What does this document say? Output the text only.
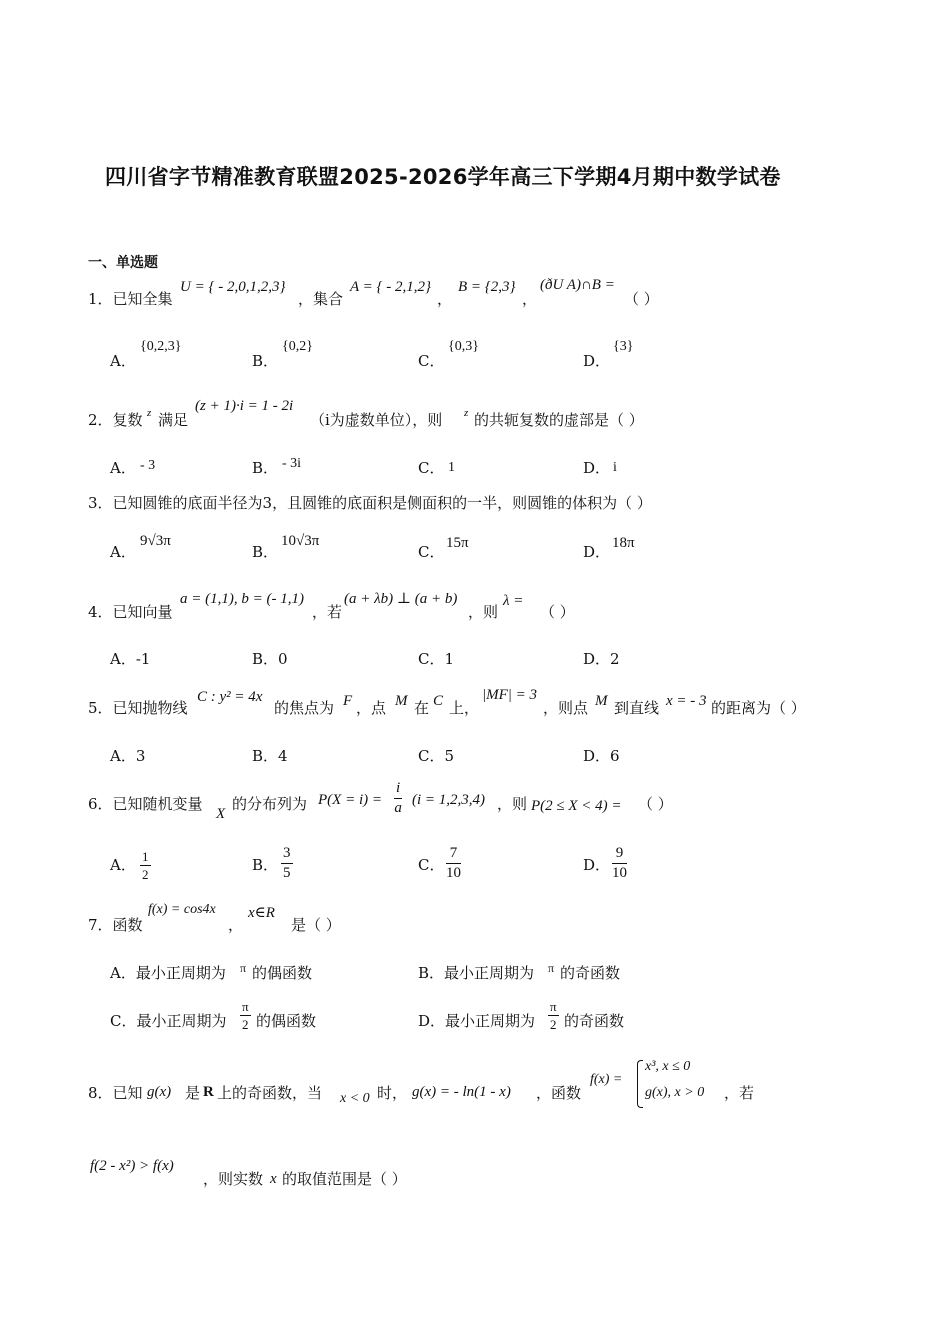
四川省字节精准教育联盟2025-2026学年高三下学期4月期中数学试卷
一、单选题
1．已知全集
U = { - 2,0,1,2,3}
，集合
A = { - 2,1,2}
，
B = {2,3}
，
(ðU A)∩B =
（ ）
A．
{0,2,3}
B．
{0,2}
C．
{0,3}
D．
{3}
2．复数 z 满足
(z + 1)·i = 1 - 2i
（i为虚数单位），则 z 的共轭复数的虚部是（ ）
A． - 3	B． - 3i	C． 1	D． i
3．已知圆锥的底面半径为3，且圆锥的底面积是侧面积的一半，则圆锥的体积为（ ）
A．
9√3π
B．
10√3π
C． 15π	D． 18π
4．已知向量
a = (1,1), b = (- 1,1)
，若
(a + λb) ⊥ (a + b)
，则
λ =
（ ）
A．-1	B．0	C．1	D．2
5．已知抛物线
C : y² = 4x
的焦点为 F ，点 M 在 C 上，
|MF| = 3
，则点 M 到直线 x = - 3 的距离为（ ）
A．3	B．4	C．5	D．6
6．已知随机变量
X
的分布列为 P(X = i) =
i
a (i = 1,2,3,4) ，则 P(2 ≤ X < 4) = （ ）
A． 1
2
B．
3
5	C．
7
10	D．
9
10
7．函数
f(x) = cos4x
，
x∈R
是（ ）
A．最小正周期为 π 的偶函数	B．最小正周期为 π 的奇函数
C．最小正周期为
π
2 的偶函数	D．最小正周期为
π
2 的奇函数
8．已知 g(x) 是 R 上的奇函数，当 x < 0 时， g(x) = - ln(1 - x) ，函数
f(x) =
x³, x ≤ 0
g(x), x > 0 ，若
f(2 - x²) > f(x)
，则实数 x 的取值范围是（ ）
